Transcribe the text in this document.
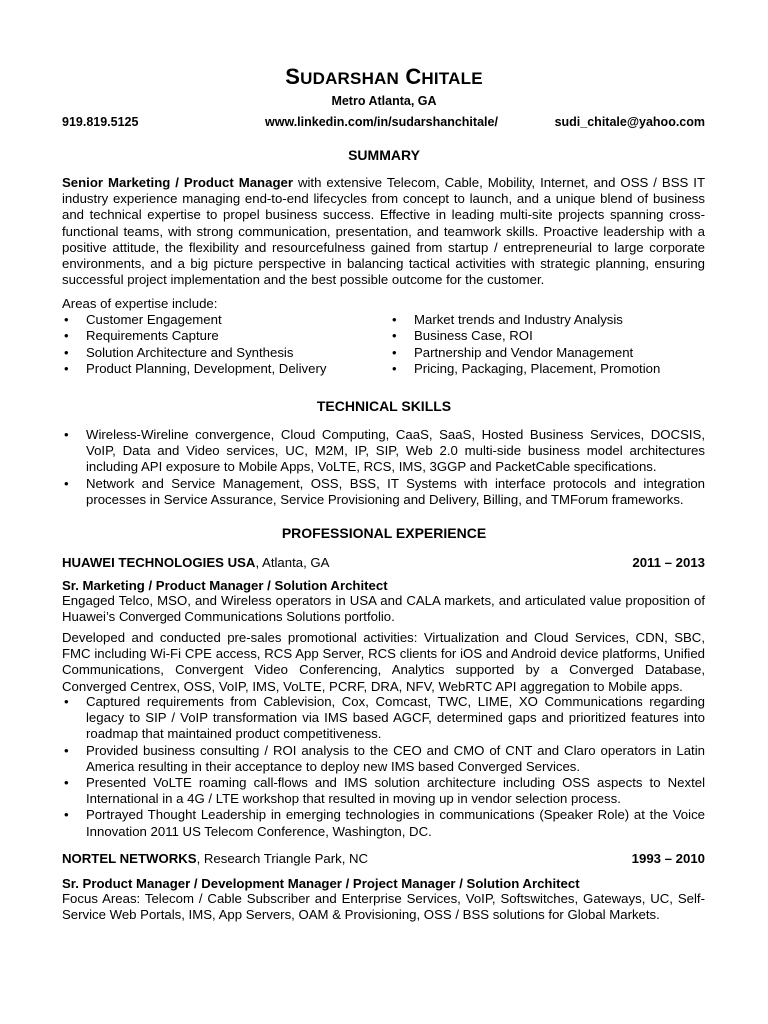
SUDARSHAN CHITALE
Metro Atlanta, GA
919.819.5125	www.linkedin.com/in/sudarshanchitale/	sudi_chitale@yahoo.com
SUMMARY
Senior Marketing / Product Manager with extensive Telecom, Cable, Mobility, Internet, and OSS / BSS IT industry experience managing end-to-end lifecycles from concept to launch, and a unique blend of business and technical expertise to propel business success. Effective in leading multi-site projects spanning cross-functional teams, with strong communication, presentation, and teamwork skills. Proactive leadership with a positive attitude, the flexibility and resourcefulness gained from startup / entrepreneurial to large corporate environments, and a big picture perspective in balancing tactical activities with strategic planning, ensuring successful project implementation and the best possible outcome for the customer.
Areas of expertise include:
• Customer Engagement
• Requirements Capture
• Solution Architecture and Synthesis
• Product Planning, Development, Delivery
• Market trends and Industry Analysis
• Business Case, ROI
• Partnership and Vendor Management
• Pricing, Packaging, Placement, Promotion
TECHNICAL SKILLS
• Wireless-Wireline convergence, Cloud Computing, CaaS, SaaS, Hosted Business Services, DOCSIS, VoIP, Data and Video services, UC, M2M, IP, SIP, Web 2.0 multi-side business model architectures including API exposure to Mobile Apps, VoLTE, RCS, IMS, 3GGP and PacketCable specifications.
• Network and Service Management, OSS, BSS, IT Systems with interface protocols and integration processes in Service Assurance, Service Provisioning and Delivery, Billing, and TMForum frameworks.
PROFESSIONAL EXPERIENCE
HUAWEI TECHNOLOGIES USA, Atlanta, GA	2011 – 2013
Sr. Marketing / Product Manager / Solution Architect
Engaged Telco, MSO, and Wireless operators in USA and CALA markets, and articulated value proposition of Huawei’s Converged Communications Solutions portfolio.
Developed and conducted pre-sales promotional activities: Virtualization and Cloud Services, CDN, SBC, FMC including Wi-Fi CPE access, RCS App Server, RCS clients for iOS and Android device platforms, Unified Communications, Convergent Video Conferencing, Analytics supported by a Converged Database, Converged Centrex, OSS, VoIP, IMS, VoLTE, PCRF, DRA, NFV, WebRTC API aggregation to Mobile apps.
• Captured requirements from Cablevision, Cox, Comcast, TWC, LIME, XO Communications regarding legacy to SIP / VoIP transformation via IMS based AGCF, determined gaps and prioritized features into roadmap that maintained product competitiveness.
• Provided business consulting / ROI analysis to the CEO and CMO of CNT and Claro operators in Latin America resulting in their acceptance to deploy new IMS based Converged Services.
• Presented VoLTE roaming call-flows and IMS solution architecture including OSS aspects to Nextel International in a 4G / LTE workshop that resulted in moving up in vendor selection process.
• Portrayed Thought Leadership in emerging technologies in communications (Speaker Role) at the Voice Innovation 2011 US Telecom Conference, Washington, DC.
NORTEL NETWORKS, Research Triangle Park, NC	1993 – 2010
Sr. Product Manager / Development Manager / Project Manager / Solution Architect
Focus Areas: Telecom / Cable Subscriber and Enterprise Services, VoIP, Softswitches, Gateways, UC, Self-Service Web Portals, IMS, App Servers, OAM & Provisioning, OSS / BSS solutions for Global Markets.
